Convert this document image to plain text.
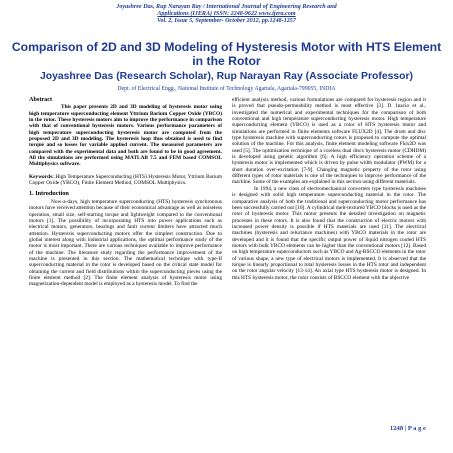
Joyashree Das, Rup Narayan Ray / International Journal of Engineering Research and
Applications (IJERA) ISSN: 2248-9622 www.ijera.com
Vol. 2, Issue 5, September- October 2012, pp.1248-1257
Comparison of 2D and 3D Modeling of Hysteresis Motor with HTS Element in the Rotor
Joyashree Das (Research Scholar), Rup Narayan Ray (Associate Professor)
Dept. of Electrical Engg., National Institute of Technology Agartala, Agartala-799055, INDIA
Abstract

This paper presents 2D and 3D modeling of hysteresis motor using high temperature superconducting element Yttrium Barium Copper Oxide (YBCO) in the rotor. These hysteresis motors aim to improve the performance in comparison with that of conventional hysteresis motors. Various performance parameters of high temperature superconducting hysteresis motor are computed from the proposed 2D and 3D modeling. The hysteresis loop thus obtained is used to find torque and so losses for variable applied current. The measured parameters are compared with the experimental data and both are found to be in good agreement. All the simulations are performed using MATLAB 7.5 and FEM based COMSOL Multiphysics software.

Keywords: High Temperature Superconducting (HTS) Hysteresis Motor, Yttrium Barium Copper Oxide (YBCO), Finite Element Method, COMSOL Multiphysics.

1. Introduction

Now-a-days, high temperature superconducting (HTS) hysteresis synchronous motors have received attention because of their economical advantage as well as noiseless operation, small size, self-starting torque and lightweight compared to the conventional motors [1]. The possibility of incorporating HTS into power applications such as electrical motors, generators, bearings and fault current limiters have attracted much attention. Hysteresis superconducting motors offer the simplest construction. Due to global interest along with industrial applications, the optimal performance study of the motor is most important. There are various techniques available to improve performance of the machine. The literature study regarding the performance improvement of the machine is presented in this section. The mathematical technique with type-II superconducting material in the rotor is developed based on the critical state model for obtaining the current and field distributions within the superconducting pieces using the finite element method [2]. The finite element analysis of hysteresis motor using magnetization-dependent model is employed as a hysteresis model. To find the

efficient analysis method, various formulations are compared for hysteresis region and it is proved that pseudo-permeability method is most effective [3]. D. Inacio et al., investigated the numerical and experimental techniques for the comparison of both conventional and high temperature superconducting hysteresis motor. High temperature superconducting element (YBCO) is used as a rotor of HTS hysteresis motor and simulations are performed in finite elements software FLUX2D [4]. The drum and disc type hysteresis machine with superconducting rotors is proposed to compute the optimal solution of the machine. For this analysis, finite element modeling software Flux2D was used [5]. The optimization technique of a coreless dual discs hysteresis motor (CDHDM) is developed using genetic algorithm [6]. A high efficiency operation scheme of a hysteresis motor is implemented which is driven by pulse width modulator (PWM) for a short duration over-excitation [7-9]. Changing magnetic property of the rotor using different types of rotor materials is one of the techniques to improve performance of the machine. Some of the examples are explained in this section using different materials.

In 1994, a new class of electromechanical converters type hysteresis machines is designed with solid high temperature superconducting material in the rotor. The comparative analysis of both the traditional and superconducting motor performance has been successfully carried out [10]. A cylindrical melt-textured YBCO blocks is used as the rotor of hysteresis motor. This motor presents the detailed investigation on magnetic processes in these rotors. It is also found that the construction of electric motors with increased power density is possible if HTS materials are used [11]. The electrical machines (hysteresis and reluctance machines) with YBCO materials in the rotor are developed and it is found that the specific output power of liquid nitrogen cooled HTS motors with bulk YBCO elements can be higher than the conventional motors [12]. Based on high temperature superconductors such as YBCO and Ag-BSCCO elements in the rotor of various shape, a new type of electrical motors is implemented. It is observed that the torque is linearly proportional to total hysteresis losses in the HTS rotor and independent on the rotor angular velocity [13-14]. An axial type HTS hysteresis motor is designed. In this HTS hysteresis motor, the rotor consists of BSCCO element with the objective

1248 | P a g e
